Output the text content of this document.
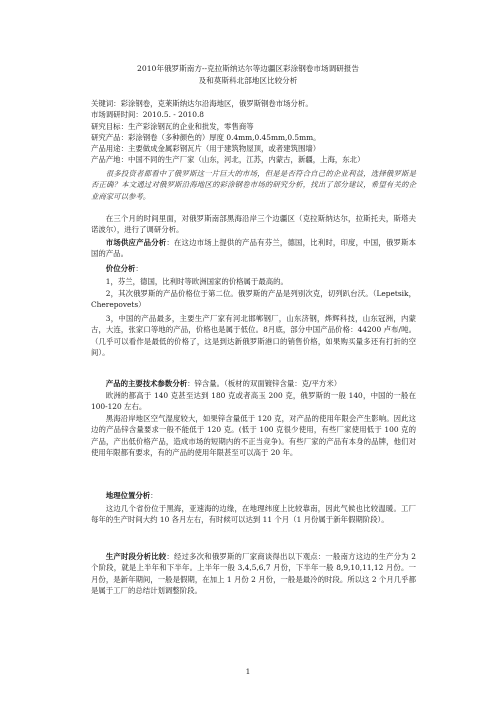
2010年俄罗斯南方--克拉斯纳达尔等边疆区彩涂钢卷市场调研报告
及和莫斯科北部地区比较分析
关键词：彩涂钢卷，克莱斯纳达尔沿海地区，俄罗斯钢卷市场分析。
市场调研时间：2010.5. - 2010.8
研究目标：生产彩涂钢瓦的企业和批发，零售商等
研究产品：彩涂钢卷（多种颜色的）厚度 0.4mm,0.45mm,0.5mm。
产品用途：主要做成金属彩钢瓦片（用于建筑物屋顶，或者建筑围墙）
产品产地：中国不同的生产厂家（山东，河北，江苏，内蒙古，新疆，上海，东北）

很多投资者都看中了俄罗斯这一片巨大的市场，但是是否符合自己的企业利益，选择俄罗斯是否正确？本文通过对俄罗斯沿海地区的彩涂钢卷市场的研究分析，找出了部分建议，希望有关的企业商家可以参考。

在三个月的时间里面，对俄罗斯南部黑海沿岸三个边疆区（克拉斯纳达尔，拉斯托夫，斯塔夫诺波尔），进行了调研分析。

市场供应产品分析：在这边市场上提供的产品有芬兰，德国，比利时，印度，中国，俄罗斯本国的产品。

价位分析：

1，芬兰，德国，比利时等欧洲国家的价格属于最高的。

2，其次俄罗斯的产品价格位于第二位。俄罗斯的产品是列别次克，切列趴台沃。（Lepetsik， Cherepovets）

3，中国的产品最多，主要生产厂家有河北邯郸钢厂，山东济钢，烨辉科技，山东冠洲，内蒙古，大连，张家口等地的产品，价格也是属于低位。8月底，部分中国产品价格：44200 卢布/吨。（几乎可以看作是最低的价格了，这是到达新俄罗斯港口的销售价格，如果购买量多还有打折的空间）。

产品的主要技术参数分析：锌含量。（板材的双面镀锌含量：克/平方米）

欧洲的都高于 140 克甚至达到 180 克或者高玉 200 克，俄罗斯的一般 140，中国的一般在 100-120 左右。

黑海沿岸地区空气湿度较大，如果锌含量低于 120 克，对产品的使用年限会产生影响。因此这边的产品锌含量要求一般不能低于 120 克。(低于 100 克很少使用，有些厂家使用低于 100 克的产品，产出低价格产品，造成市场的短期内的不正当竞争)。有些厂家的产品有本身的品牌，他们对使用年限都有要求，有的产品的使用年限甚至可以高于 20 年。

地理位置分析：

这边几个省份位于黑海，亚速海的边缘，在地理纬度上比较靠南，因此气候也比较温暖。工厂每年的生产时间大约 10 各月左右，有时候可以达到 11 个月（1 月份属于新年假期阶段）。

生产时段分析比较：经过多次和俄罗斯的厂家商谈得出以下观点：一般南方这边的生产分为 2 个阶段，就是上半年和下半年。上半年一般 3,4,5,6,7 月份，下半年一般 8,9,10,11,12 月份。一月份，是新年期间，一般是假期，在加上 1 月份 2 月份，一般是最冷的时段。所以这 2 个月几乎都是属于工厂的总结计划调整阶段。

1
